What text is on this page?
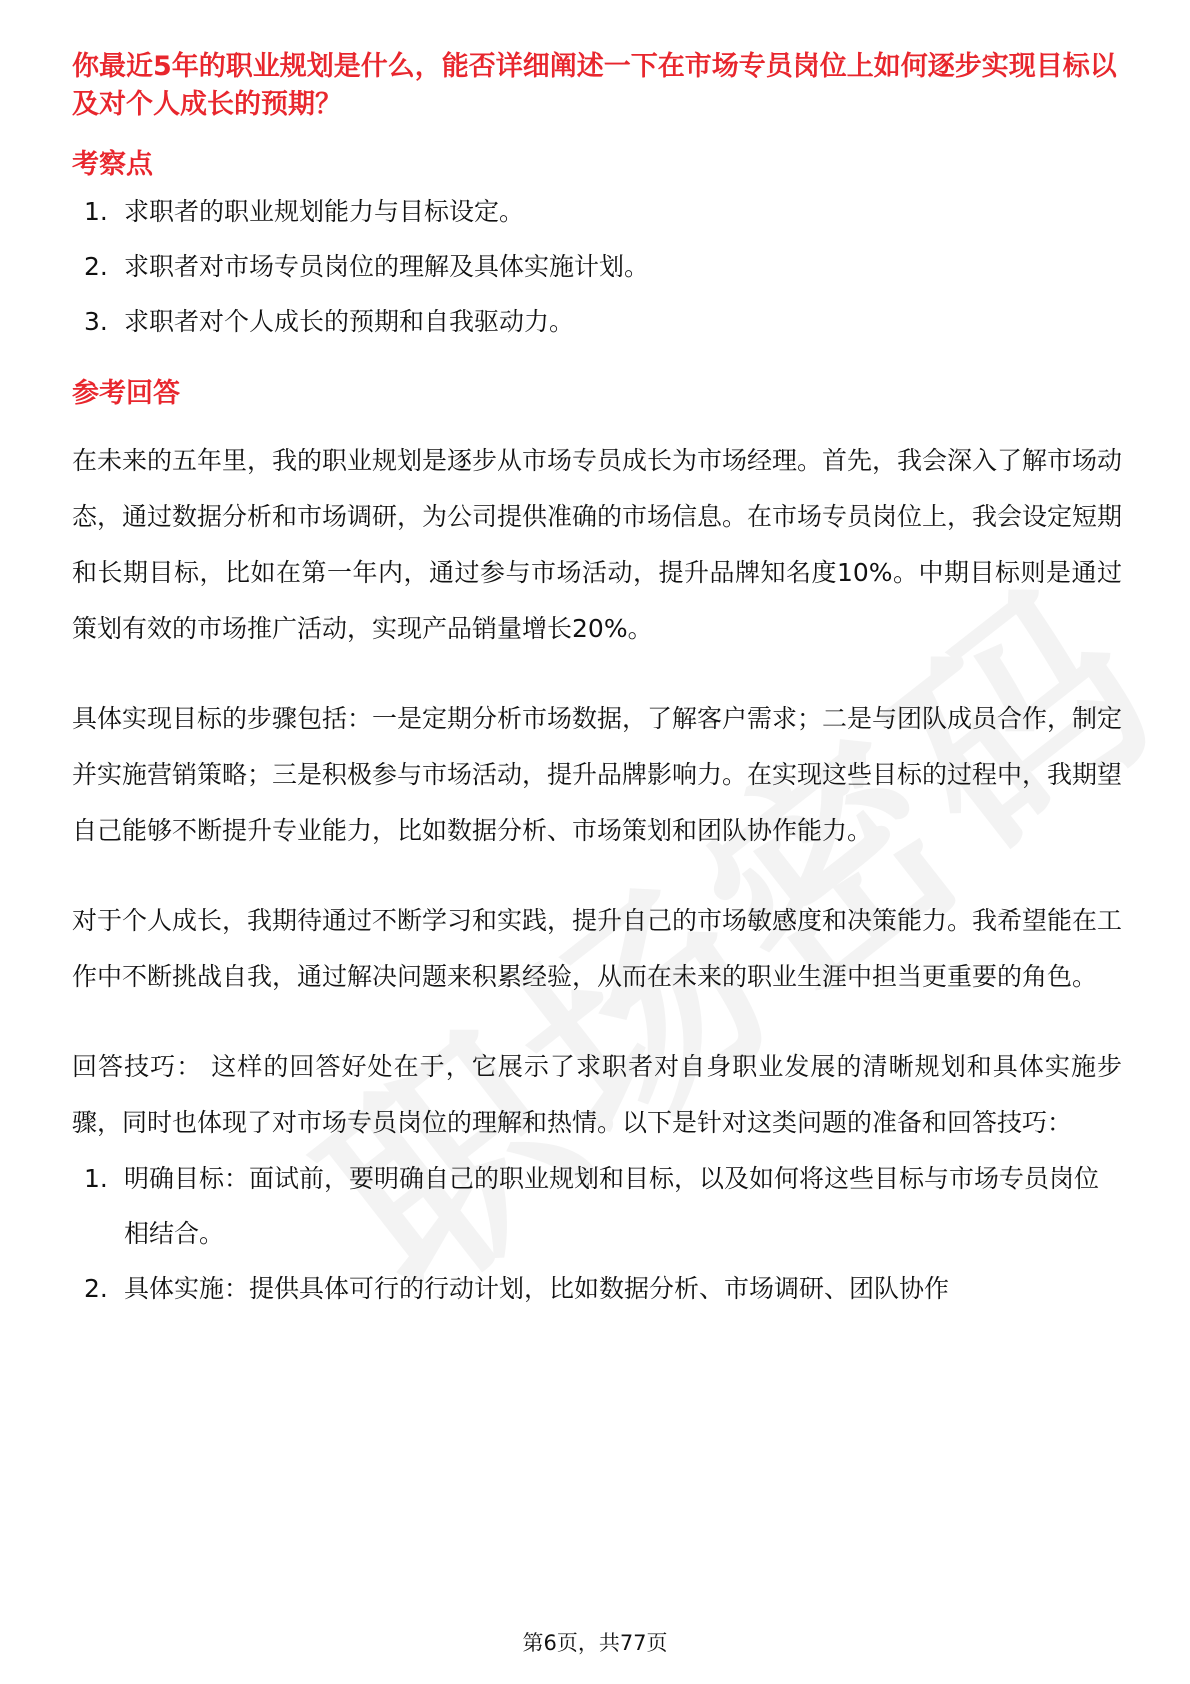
你最近5年的职业规划是什么，能否详细阐述一下在市场专员岗位上如何逐步实现目标以及对个人成长的预期？

考察点
1. 求职者的职业规划能力与目标设定。
2. 求职者对市场专员岗位的理解及具体实施计划。
3. 求职者对个人成长的预期和自我驱动力。
参考回答

在未来的五年里，我的职业规划是逐步从市场专员成长为市场经理。首先，我会深入了解市场动态，通过数据分析和市场调研，为公司提供准确的市场信息。在市场专员岗位上，我会设定短期和长期目标，比如在第一年内，通过参与市场活动，提升品牌知名度10%。中期目标则是通过策划有效的市场推广活动，实现产品销量增长20%。

具体实现目标的步骤包括：一是定期分析市场数据，了解客户需求；二是与团队成员合作，制定并实施营销策略；三是积极参与市场活动，提升品牌影响力。在实现这些目标的过程中，我期望自己能够不断提升专业能力，比如数据分析、市场策划和团队协作能力。

对于个人成长，我期待通过不断学习和实践，提升自己的市场敏感度和决策能力。我希望能在工作中不断挑战自我，通过解决问题来积累经验，从而在未来的职业生涯中担当更重要的角色。

回答技巧： 这样的回答好处在于，它展示了求职者对自身职业发展的清晰规划和具体实施步骤，同时也体现了对市场专员岗位的理解和热情。以下是针对这类问题的准备和回答技巧：

1. 明确目标：面试前，要明确自己的职业规划和目标，以及如何将这些目标与市场专员岗位相结合。
2. 具体实施：提供具体可行的行动计划，比如数据分析、市场调研、团队协作
第6页，共77页
